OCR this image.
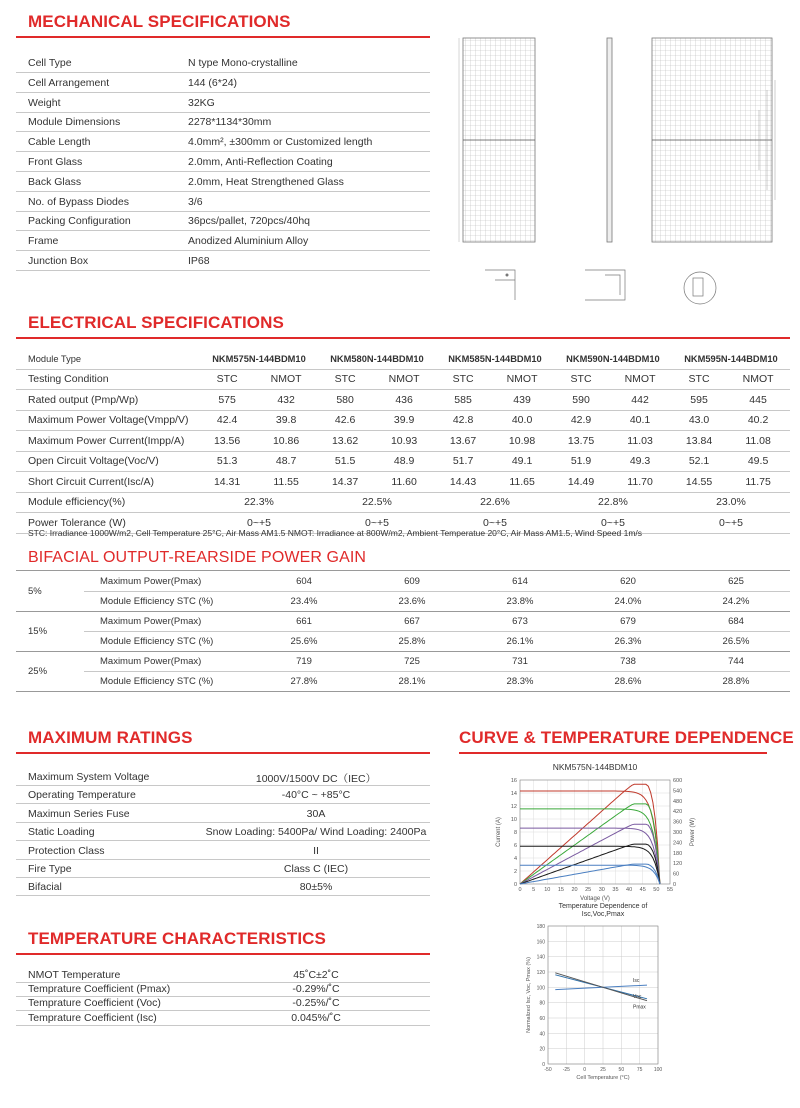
MECHANICAL SPECIFICATIONS
Cell Type	N type Mono-crystalline
Cell Arrangement	144 (6*24)
Weight	32KG
Module Dimensions	2278*1134*30mm
Cable Length	4.0mm², ±300mm or Customized length
Front Glass	2.0mm, Anti-Reflection Coating
Back Glass	2.0mm, Heat Strengthened Glass
No. of Bypass Diodes	3/6
Packing Configuration	36pcs/pallet, 720pcs/40hq
Frame	Anodized Aluminium Alloy
Junction Box	IP68
ELECTRICAL SPECIFICATIONS
Module Type	NKM575N-144BDM10		NKM580N-144BDM10		NKM585N-144BDM10		NKM590N-144BDM10		NKM595N-144BDM10	
Testing Condition	STC	NMOT	STC	NMOT	STC	NMOT	STC	NMOT	STC	NMOT
Rated output (Pmp/Wp)	575	432	580	436	585	439	590	442	595	445
Maximum Power Voltage(Vmpp/V)	42.4	39.8	42.6	39.9	42.8	40.0	42.9	40.1	43.0	40.2
Maximum Power Current(Impp/A)	13.56	10.86	13.62	10.93	13.67	10.98	13.75	11.03	13.84	11.08
Open Circuit Voltage(Voc/V)	51.3	48.7	51.5	48.9	51.7	49.1	51.9	49.3	52.1	49.5
Short Circuit Current(Isc/A)	14.31	11.55	14.37	11.60	14.43	11.65	14.49	11.70	14.55	11.75
Module efficiency(%)	22.3%		22.5%		22.6%		22.8%		23.0%	
Power Tolerance (W)	0~+5		0~+5		0~+5		0~+5		0~+5	
STC: Irradiance 1000W/m2, Cell Temperature 25°C, Air Mass AM1.5 NMOT: Irradiance at 800W/m2, Ambient Temperatue 20°C, Air Mass AM1.5, Wind Speed 1m/s
BIFACIAL OUTPUT-REARSIDE POWER GAIN
5%	Maximum Power(Pmax)	604	609	614	620	625
	Module Efficiency STC (%)	23.4%	23.6%	23.8%	24.0%	24.2%
15%	Maximum Power(Pmax)	661	667	673	679	684
	Module Efficiency STC (%)	25.6%	25.8%	26.1%	26.3%	26.5%
25%	Maximum Power(Pmax)	719	725	731	738	744
	Module Efficiency STC (%)	27.8%	28.1%	28.3%	28.6%	28.8%
MAXIMUM RATINGS
Maximum System Voltage	1000V/1500V DC（IEC）
Operating Temperature	-40°C ~ +85°C
Maximun Series Fuse	30A
Static Loading	Snow Loading: 5400Pa/ Wind Loading: 2400Pa
Protection Class	II
Fire Type	Class C (IEC)
Bifacial	80±5%
TEMPERATURE CHARACTERISTICS
NMOT Temperature	45˚C±2˚C
Temprature Coefficient (Pmax)	-0.29%/˚C
Temprature Coefficient (Voc)	-0.25%/˚C
Temprature Coefficient (Isc)	0.045%/˚C
CURVE & TEMPERATURE DEPENDENCE
NKM575N-144BDM10
0 5 10 15 20 25 30 35 40 45 50 55
0
2
4
6
8
10
12
14
16
0
60
120
180
240
300
360
420
480
540
600
Voltage (V)
Current (A)	Power (W)
-50 -25	0	25	50	75 100
0
20
40
60
80
100
120
140
160
180
Cell Temperature (°C)
Normalized Isc, Voc, Pmax (%)	Isc
Voc
Pmax
Temperature Dependence of Isc,Voc,Pmax
